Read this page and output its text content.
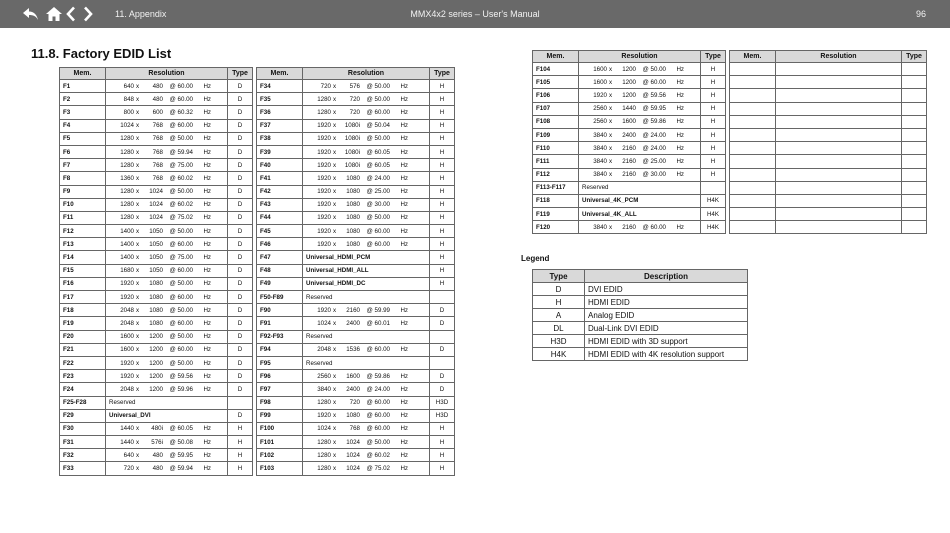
11. Appendix	MMX4x2 series – User's Manual	96
11.8. Factory EDID List
Mem.	Resolution	Type		Mem.	Resolution	Type
F1	640 x 480 @ 60.00 Hz	D		F34	720 x 576 @ 50.00 Hz	H
F2	848 x 480 @ 60.00 Hz	D		F35	1280 x 720 @ 50.00 Hz	H
F3	800 x 600 @ 60.32 Hz	D		F36	1280 x 720 @ 60.00 Hz	H
F4	1024 x 768 @ 60.00 Hz	D		F37	1920 x 1080i @ 50.04 Hz	H
F5	1280 x 768 @ 50.00 Hz	D		F38	1920 x 1080i @ 50.00 Hz	H
F6	1280 x 768 @ 59.94 Hz	D		F39	1920 x 1080i @ 60.05 Hz	H
F7	1280 x 768 @ 75.00 Hz	D		F40	1920 x 1080i @ 60.05 Hz	H
F8	1360 x 768 @ 60.02 Hz	D		F41	1920 x 1080 @ 24.00 Hz	H
F9	1280 x 1024 @ 50.00 Hz	D		F42	1920 x 1080 @ 25.00 Hz	H
F10	1280 x 1024 @ 60.02 Hz	D		F43	1920 x 1080 @ 30.00 Hz	H
F11	1280 x 1024 @ 75.02 Hz	D		F44	1920 x 1080 @ 50.00 Hz	H
F12	1400 x 1050 @ 50.00 Hz	D		F45	1920 x 1080 @ 60.00 Hz	H
F13	1400 x 1050 @ 60.00 Hz	D		F46	1920 x 1080 @ 60.00 Hz	H
F14	1400 x 1050 @ 75.00 Hz	D		F47	Universal_HDMI_PCM	H
F15	1680 x 1050 @ 60.00 Hz	D		F48	Universal_HDMI_ALL	H
F16	1920 x 1080 @ 50.00 Hz	D		F49	Universal_HDMI_DC	H
F17	1920 x 1080 @ 60.00 Hz	D		F50-F89	Reserved	
F18	2048 x 1080 @ 50.00 Hz	D		F90	1920 x 2160 @ 59.99 Hz	D
F19	2048 x 1080 @ 60.00 Hz	D		F91	1024 x 2400 @ 60.01 Hz	D
F20	1600 x 1200 @ 50.00 Hz	D		F92-F93	Reserved	
F21	1600 x 1200 @ 60.00 Hz	D		F94	2048 x 1536 @ 60.00 Hz	D
F22	1920 x 1200 @ 50.00 Hz	D		F95	Reserved	
F23	1920 x 1200 @ 59.56 Hz	D		F96	2560 x 1600 @ 59.86 Hz	D
F24	2048 x 1200 @ 59.96 Hz	D		F97	3840 x 2400 @ 24.00 Hz	D
F25-F28	Reserved			F98	1280 x 720 @ 60.00 Hz	H3D
F29	Universal_DVI	D		F99	1920 x 1080 @ 60.00 Hz	H3D
F30	1440 x 480i @ 60.05 Hz	H		F100	1024 x 768 @ 60.00 Hz	H
F31	1440 x 576i @ 50.08 Hz	H		F101	1280 x 1024 @ 50.00 Hz	H
F32	640 x 480 @ 59.95 Hz	H		F102	1280 x 1024 @ 60.02 Hz	H
F33	720 x 480 @ 59.94 Hz	H		F103	1280 x 1024 @ 75.02 Hz	H
Mem.	Resolution	Type		Mem.	Resolution	Type
F104	1600 x 1200 @ 50.00 Hz	H				
F105	1600 x 1200 @ 60.00 Hz	H				
F106	1920 x 1200 @ 59.56 Hz	H				
F107	2560 x 1440 @ 59.95 Hz	H				
F108	2560 x 1600 @ 59.86 Hz	H				
F109	3840 x 2400 @ 24.00 Hz	H				
F110	3840 x 2160 @ 24.00 Hz	H				
F111	3840 x 2160 @ 25.00 Hz	H				
F112	3840 x 2160 @ 30.00 Hz	H				
F113-F117	Reserved					
F118	Universal_4K_PCM	H4K				
F119	Universal_4K_ALL	H4K				
F120	3840 x 2160 @ 60.00 Hz	H4K				
Legend
Type	Description
D	DVI EDID
H	HDMI EDID
A	Analog EDID
DL	Dual-Link DVI EDID
H3D	HDMI EDID with 3D support
H4K	HDMI EDID with 4K resolution support
